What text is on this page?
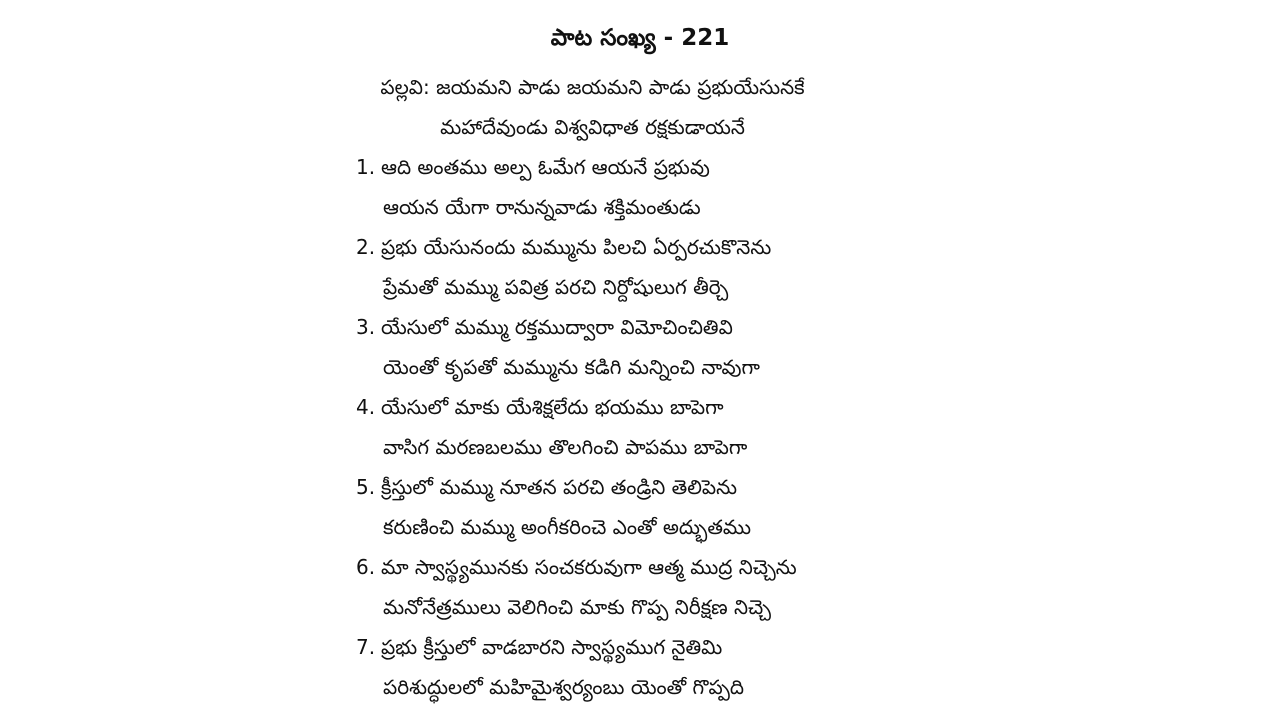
పాట సంఖ్య - 221
పల్లవి: జయమని పాడు జయమని పాడు ప్రభుయేసునకే
మహాదేవుండు విశ్వవిధాత రక్షకుడాయనే
1. ఆది అంతము అల్ప ఓమేగ ఆయనే ప్రభువు
ఆయన యేగా రానున్నవాడు శక్తిమంతుడు
2. ప్రభు యేసునందు మమ్మును పిలచి ఏర్పరచుకొనెను
ప్రేమతో మమ్ము పవిత్ర పరచి నిర్దోషులుగ తీర్చె
3. యేసులో మమ్ము రక్తముద్వారా విమోచించితివి
యెంతో కృపతో మమ్మును కడిగి మన్నించి నావుగా
4. యేసులో మాకు యేశిక్షలేదు భయము బాపెగా
వాసిగ మరణబలము తొలగించి పాపము బాపెగా
5. క్రీస్తులో మమ్ము నూతన పరచి తండ్రిని తెలిపెను
కరుణించి మమ్ము అంగీకరించె ఎంతో అద్భుతము
6. మా స్వాస్థ్యమునకు సంచకరువుగా ఆత్మ ముద్ర నిచ్చెను
మనోనేత్రములు వెలిగించి మాకు గొప్ప నిరీక్షణ నిచ్చె
7. ప్రభు క్రీస్తులో వాడబారని స్వాస్థ్యముగ నైతిమి
పరిశుద్ధులలో మహిమైశ్వర్యంబు యెంతో గొప్పది
